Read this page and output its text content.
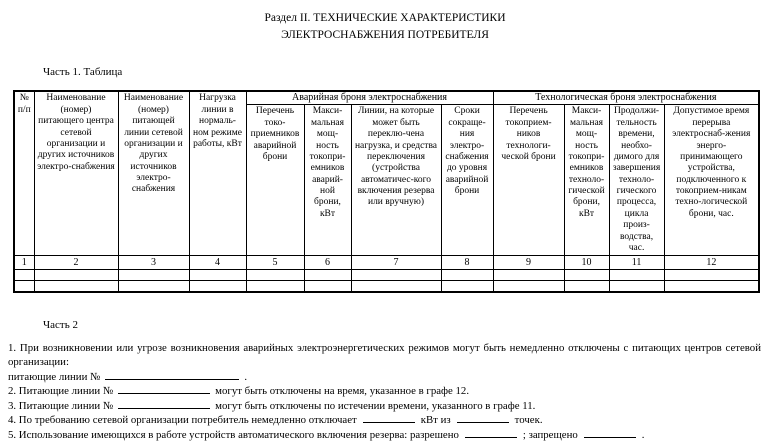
Раздел II. ТЕХНИЧЕСКИЕ ХАРАКТЕРИСТИКИ
ЭЛЕКТРОСНАБЖЕНИЯ ПОТРЕБИТЕЛЯ
Часть 1. Таблица
№ п/п	Наименование (номер) питающего центра сетевой организации и других источников электро-снабжения	Наименование (номер) питающей линии сетевой организации и других источников электро-снабжения	Нагрузка линии в нормаль-ном режиме работы, кВт	Аварийная броня электроснабжения				Технологическая броня электроснабжения			
				Перечень токо-приемников аварийной брони	Макси-мальная мощ-ность токопри-емников аварий-ной брони, кВт	Линии, на которые может быть переклю-чена нагрузка, и средства переключения (устройства автоматичес-кого включения резерва или вручную)	Сроки сокраще-ния электро-снабжения до уровня аварийной брони	Перечень токоприем-ников технологи-ческой брони	Макси-мальная мощ-ность токопри-емников техноло-гической брони, кВт	Продолжи-тельность времени, необхо-димого для завершения техноло-гического процесса, цикла произ-водства, час.	Допустимое время перерыва электроснаб-жения энерго-принимающего устройства, подключенного к токоприем-никам техно-логической брони, час.
1	2	3	4	5	6	7	8	9	10	11	12

Часть 2

1. При возникновении или угрозе возникновения аварийных электроэнергетических режимов могут быть немедленно отключены с питающих центров сетевой организации:

питающие линии №	.
2. Питающие линии №	могут быть отключены на время, указанное в графе 12.
3. Питающие линии №	могут быть отключены по истечении времени, указанного в графе 11.
4. По требованию сетевой организации потребитель немедленно отключает	кВт из	точек.
5. Использование имеющихся в работе устройств автоматического включения резерва: разрешено	; запрещено	.
